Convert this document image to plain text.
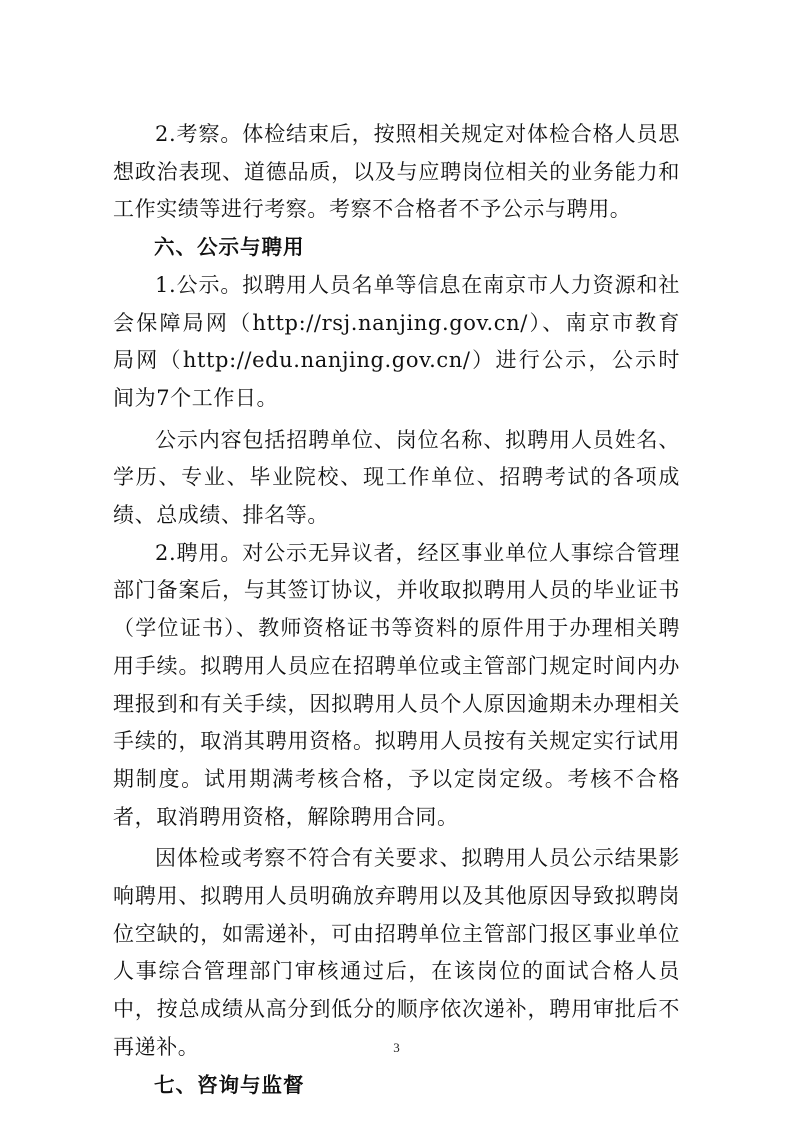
2.考察。体检结束后，按照相关规定对体检合格人员思想政治表现、道德品质，以及与应聘岗位相关的业务能力和工作实绩等进行考察。考察不合格者不予公示与聘用。

六、公示与聘用

1.公示。拟聘用人员名单等信息在南京市人力资源和社会保障局网（http://rsj.nanjing.gov.cn/）、南京市教育局网（http://edu.nanjing.gov.cn/）进行公示，公示时间为7个工作日。

公示内容包括招聘单位、岗位名称、拟聘用人员姓名、学历、专业、毕业院校、现工作单位、招聘考试的各项成绩、总成绩、排名等。

2.聘用。对公示无异议者，经区事业单位人事综合管理部门备案后，与其签订协议，并收取拟聘用人员的毕业证书（学位证书）、教师资格证书等资料的原件用于办理相关聘用手续。拟聘用人员应在招聘单位或主管部门规定时间内办理报到和有关手续，因拟聘用人员个人原因逾期未办理相关手续的，取消其聘用资格。拟聘用人员按有关规定实行试用期制度。试用期满考核合格，予以定岗定级。考核不合格者，取消聘用资格，解除聘用合同。

因体检或考察不符合有关要求、拟聘用人员公示结果影响聘用、拟聘用人员明确放弃聘用以及其他原因导致拟聘岗位空缺的，如需递补，可由招聘单位主管部门报区事业单位人事综合管理部门审核通过后，在该岗位的面试合格人员中，按总成绩从高分到低分的顺序依次递补，聘用审批后不再递补。

七、咨询与监督
3
